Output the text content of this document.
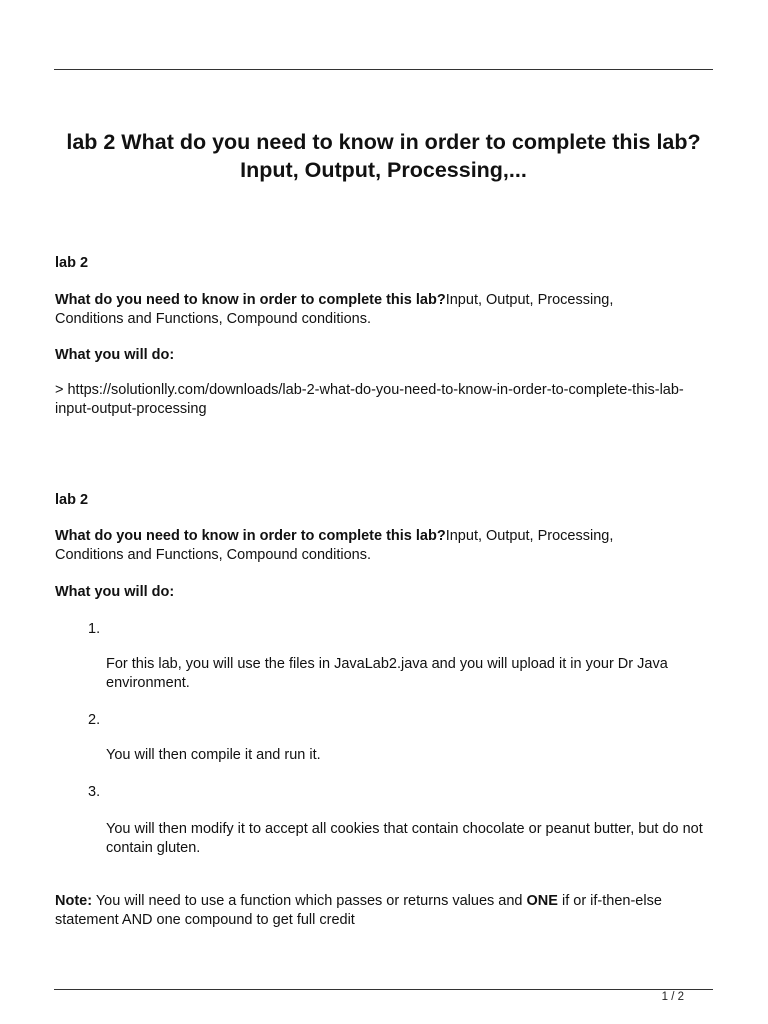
lab 2 What do you need to know in order to complete this lab? Input, Output, Processing,...
lab 2
What do you need to know in order to complete this lab?Input, Output, Processing, Conditions and Functions, Compound conditions.
What you will do:
> https://solutionlly.com/downloads/lab-2-what-do-you-need-to-know-in-order-to-complete-this-lab-input-output-processing
lab 2
What do you need to know in order to complete this lab?Input, Output, Processing, Conditions and Functions, Compound conditions.
What you will do:
1.
For this lab, you will use the files in JavaLab2.java and you will upload it in your Dr Java environment.
2.
You will then compile it and run it.
3.
You will then modify it to accept all cookies that contain chocolate or peanut butter, but do not contain gluten.
Note: You will need to use a function which passes or returns values and ONE if or if-then-else statement AND one compound to get full credit
1 / 2
